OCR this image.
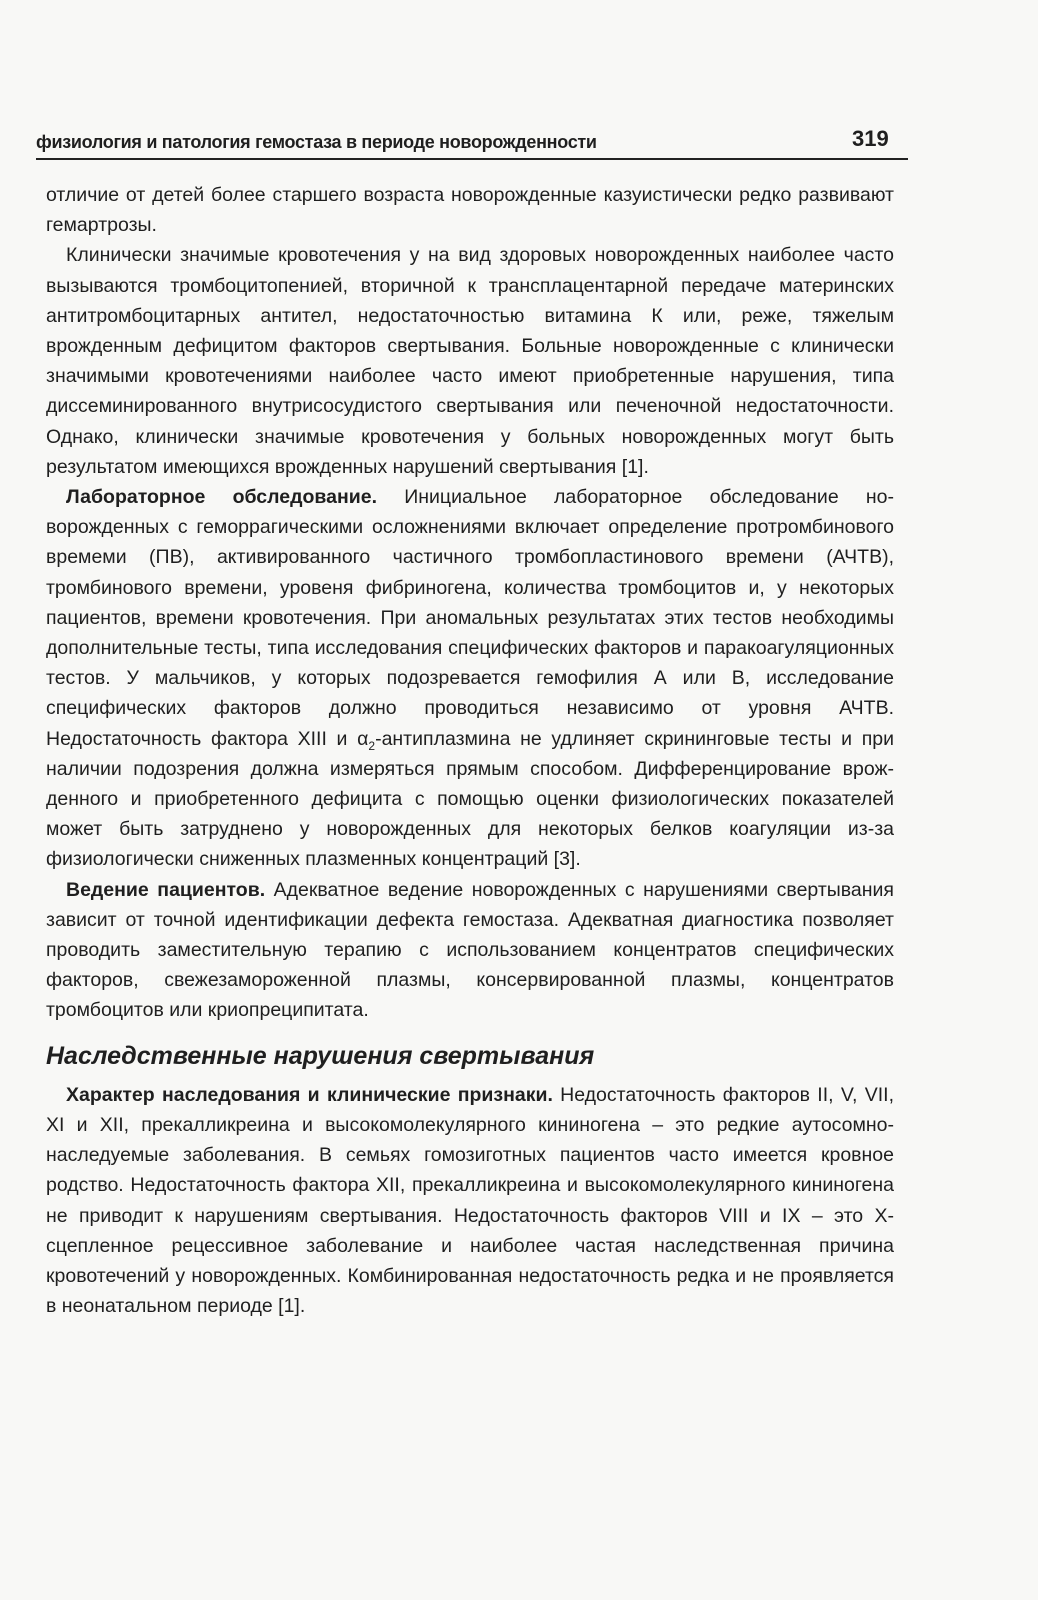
физиология и патология гемостаза в периоде новорожденности	319

отличие от детей более старшего возраста новорожденные казуистически редко развивают гемартрозы.

Клинически значимые кровотечения у на вид здоровых новорожденных наиболее часто вызываются тромбоцитопенией, вторичной к трансплацентарной передаче материнских антитромбоцитарных антител, недостаточностью витамина К или, реже, тяжелым врожденным дефицитом факторов свертывания. Больные новорожденные с клинически значимыми кровотечениями наиболее часто имеют приобретенные нарушения, типа диссеминированного внутрисосудистого свертывания или печеночной недостаточности. Однако, клинически значимые кровотечения у больных новорожденных могут быть результатом имеющихся врожденных нарушений свертывания [1].

Лабораторное обследование. Инициальное лабораторное обследование новорожденных с геморрагическими осложнениями включает определение протромбинового времеми (ПВ), активированного частичного тромбопластинового времени (АЧТВ), тромбинового времени, уровеня фибриногена, количества тромбоцитов и, у некоторых пациентов, времени кровотечения. При аномальных результатах этих тестов необходимы дополнительные тесты, типа исследования специфических факторов и паракоагуляционных тестов. У мальчиков, у которых подозревается гемофилия А или В, исследование специфических факторов должно проводиться независимо от уровня АЧТВ. Недостаточность фактора XIII и $\alpha_2$-антиплазмина не удлиняет скрининговые тесты и при наличии подозрения должна измеряться прямым способом. Дифференцирование врожденного и приобретенного дефицита с помощью оценки физиологических показателей может быть затруднено у новорожденных для некоторых белков коагуляции из-за физиологически сниженных плазменных концентраций [3].

Ведение пациентов. Адекватное ведение новорожденных с нарушениями свертывания зависит от точной идентификации дефекта гемостаза. Адекватная диагностика позволяет проводить заместительную терапию с использованием концентратов специфических факторов, свежезамороженной плазмы, консервированной плазмы, концентратов тромбоцитов или криопреципитата.

Наследственные нарушения свертывания

Характер наследования и клинические признаки. Недостаточность факторов II, V, VII, XI и XII, прекалликреина и высокомолекулярного кининогена – это редкие аутосомно-наследуемые заболевания. В семьях гомозиготных пациентов часто имеется кровное родство. Недостаточность фактора XII, прекалликреина и высокомолекулярного кининогена не приводит к нарушениям свертывания. Недостаточность факторов VIII и IX – это X-сцепленное рецессивное заболевание и наиболее частая наследственная причина кровотечений у новорожденных. Комбинированная недостаточность редка и не проявляется в неонатальном периоде [1].
